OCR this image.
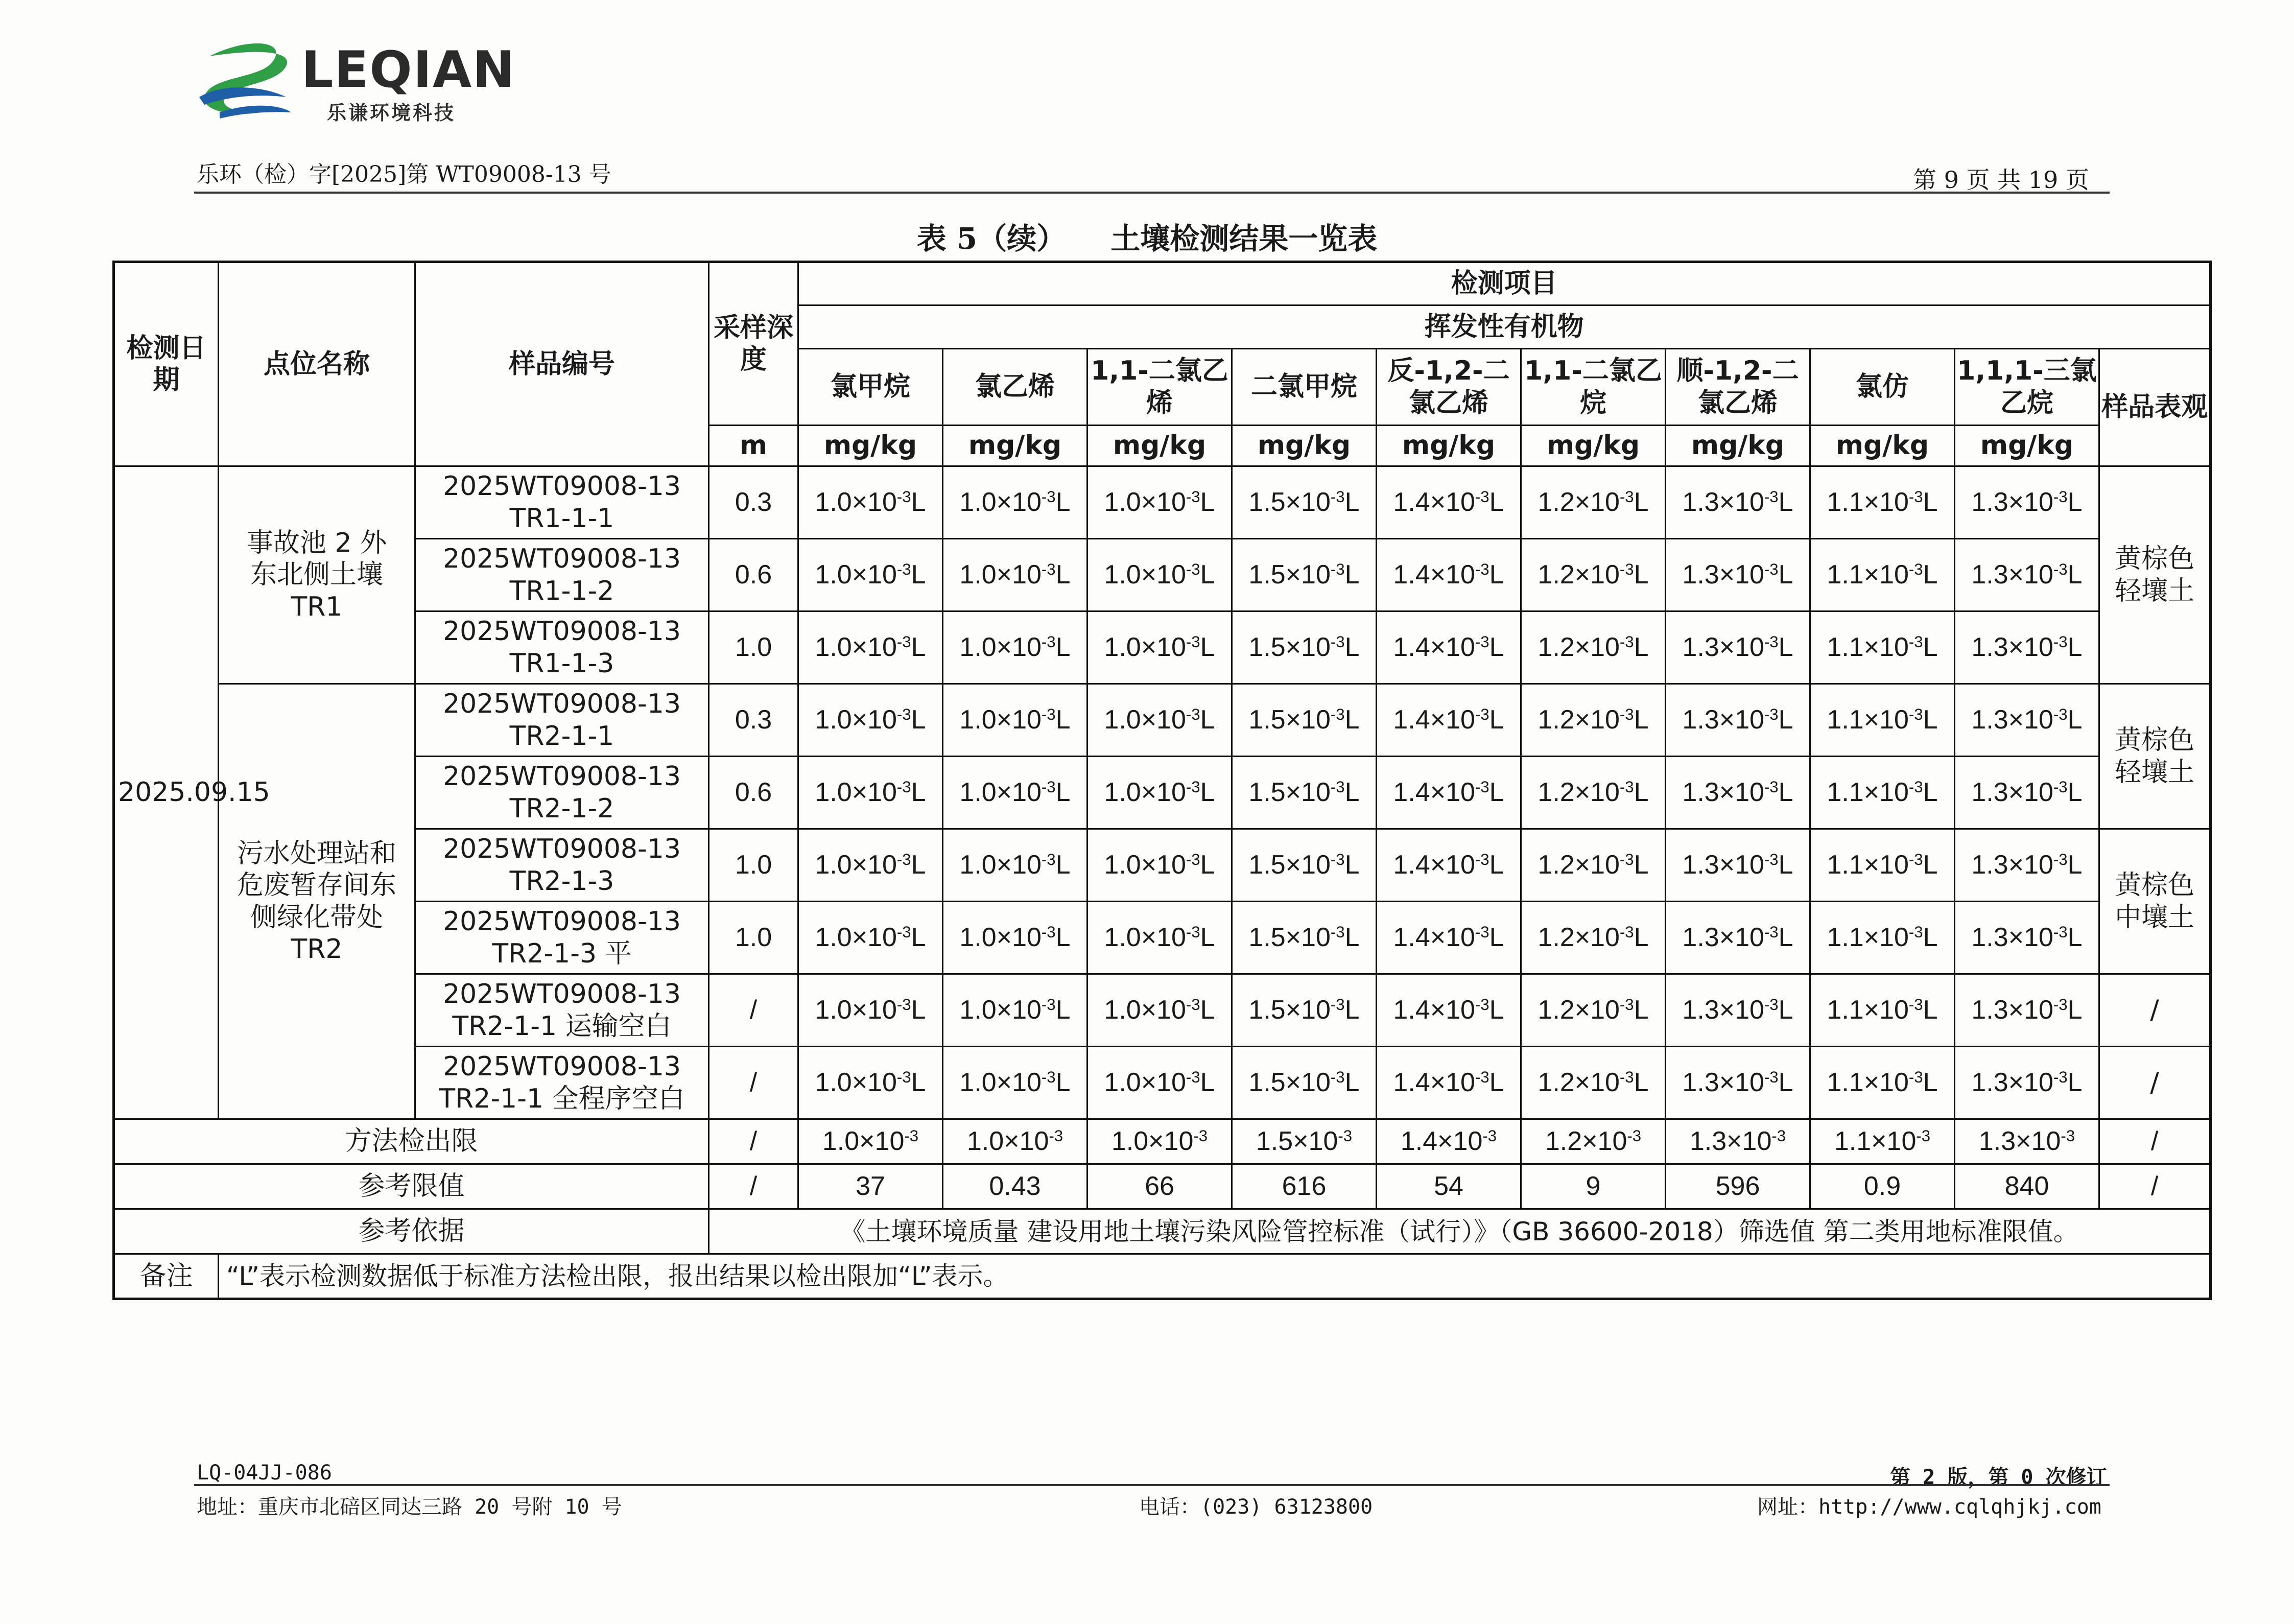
LEQIAN
乐谦环境科技
乐环（检）字[2025]第 WT09008-13 号	第 9 页 共 19 页
表 5（续）　　土壤检测结果一览表
检测日期	点位名称	样品编号	采样深度	检测项目									
				挥发性有机物									
				氯甲烷	氯乙烯	1,1-二氯乙烯	二氯甲烷	反-1,2-二氯乙烯	1,1-二氯乙烷	顺-1,2-二氯乙烯	氯仿	1,1,1-三氯乙烷	样品表观
			m	mg/kg	mg/kg	mg/kg	mg/kg	mg/kg	mg/kg	mg/kg	mg/kg	mg/kg	
2025.09.15	事故池 2 外东北侧土壤 TR1	2025WT09008-13 TR1-1-1	0.3	$1.0\times 10^{-3}L$	$1.0\times 10^{-3}L$	$1.0\times 10^{-3}L$	$1.5\times 10^{-3}L$	$1.4\times 10^{-3}L$	$1.2\times 10^{-3}L$	$1.3\times 10^{-3}L$	$1.1\times 10^{-3}L$	$1.3\times 10^{-3}L$	黄棕色轻壤土
		2025WT09008-13 TR1-1-2	0.6	$1.0\times 10^{-3}L$	$1.0\times 10^{-3}L$	$1.0\times 10^{-3}L$	$1.5\times 10^{-3}L$	$1.4\times 10^{-3}L$	$1.2\times 10^{-3}L$	$1.3\times 10^{-3}L$	$1.1\times 10^{-3}L$	$1.3\times 10^{-3}L$	
		2025WT09008-13 TR1-1-3	1.0	$1.0\times 10^{-3}L$	$1.0\times 10^{-3}L$	$1.0\times 10^{-3}L$	$1.5\times 10^{-3}L$	$1.4\times 10^{-3}L$	$1.2\times 10^{-3}L$	$1.3\times 10^{-3}L$	$1.1\times 10^{-3}L$	$1.3\times 10^{-3}L$	
	污水处理站和危废暂存间东侧绿化带处 TR2	2025WT09008-13 TR2-1-1	0.3	$1.0\times 10^{-3}L$	$1.0\times 10^{-3}L$	$1.0\times 10^{-3}L$	$1.5\times 10^{-3}L$	$1.4\times 10^{-3}L$	$1.2\times 10^{-3}L$	$1.3\times 10^{-3}L$	$1.1\times 10^{-3}L$	$1.3\times 10^{-3}L$	黄棕色轻壤土
		2025WT09008-13 TR2-1-2	0.6	$1.0\times 10^{-3}L$	$1.0\times 10^{-3}L$	$1.0\times 10^{-3}L$	$1.5\times 10^{-3}L$	$1.4\times 10^{-3}L$	$1.2\times 10^{-3}L$	$1.3\times 10^{-3}L$	$1.1\times 10^{-3}L$	$1.3\times 10^{-3}L$	
		2025WT09008-13 TR2-1-3	1.0	$1.0\times 10^{-3}L$	$1.0\times 10^{-3}L$	$1.0\times 10^{-3}L$	$1.5\times 10^{-3}L$	$1.4\times 10^{-3}L$	$1.2\times 10^{-3}L$	$1.3\times 10^{-3}L$	$1.1\times 10^{-3}L$	$1.3\times 10^{-3}L$	黄棕色中壤土
		2025WT09008-13 TR2-1-3 平	1.0	$1.0\times 10^{-3}L$	$1.0\times 10^{-3}L$	$1.0\times 10^{-3}L$	$1.5\times 10^{-3}L$	$1.4\times 10^{-3}L$	$1.2\times 10^{-3}L$	$1.3\times 10^{-3}L$	$1.1\times 10^{-3}L$	$1.3\times 10^{-3}L$	
		2025WT09008-13 TR2-1-1 运输空白	/	$1.0\times 10^{-3}L$	$1.0\times 10^{-3}L$	$1.0\times 10^{-3}L$	$1.5\times 10^{-3}L$	$1.4\times 10^{-3}L$	$1.2\times 10^{-3}L$	$1.3\times 10^{-3}L$	$1.1\times 10^{-3}L$	$1.3\times 10^{-3}L$	/
		2025WT09008-13 TR2-1-1 全程序空白	/	$1.0\times 10^{-3}L$	$1.0\times 10^{-3}L$	$1.0\times 10^{-3}L$	$1.5\times 10^{-3}L$	$1.4\times 10^{-3}L$	$1.2\times 10^{-3}L$	$1.3\times 10^{-3}L$	$1.1\times 10^{-3}L$	$1.3\times 10^{-3}L$	/
方法检出限			/	$1.0\times 10^{-3}$	$1.0\times 10^{-3}$	$1.0\times 10^{-3}$	$1.5\times 10^{-3}$	$1.4\times 10^{-3}$	$1.2\times 10^{-3}$	$1.3\times 10^{-3}$	$1.1\times 10^{-3}$	$1.3\times 10^{-3}$	/
参考限值			/	37	0.43	66	616	54	9	596	0.9	840	/
参考依据			《土壤环境质量 建设用地土壤污染风险管控标准（试行）》（GB 36600-2018）筛选值 第二类用地标准限值。										
备注	“L”表示检测数据低于标准方法检出限，报出结果以检出限加“L”表示。												
LQ-04JJ-086	第 2 版，第 0 次修订
地址：重庆市北碚区同达三路 20 号附 10 号	电话：(023) 63123800	网址：http://www.cqlqhjkj.com
